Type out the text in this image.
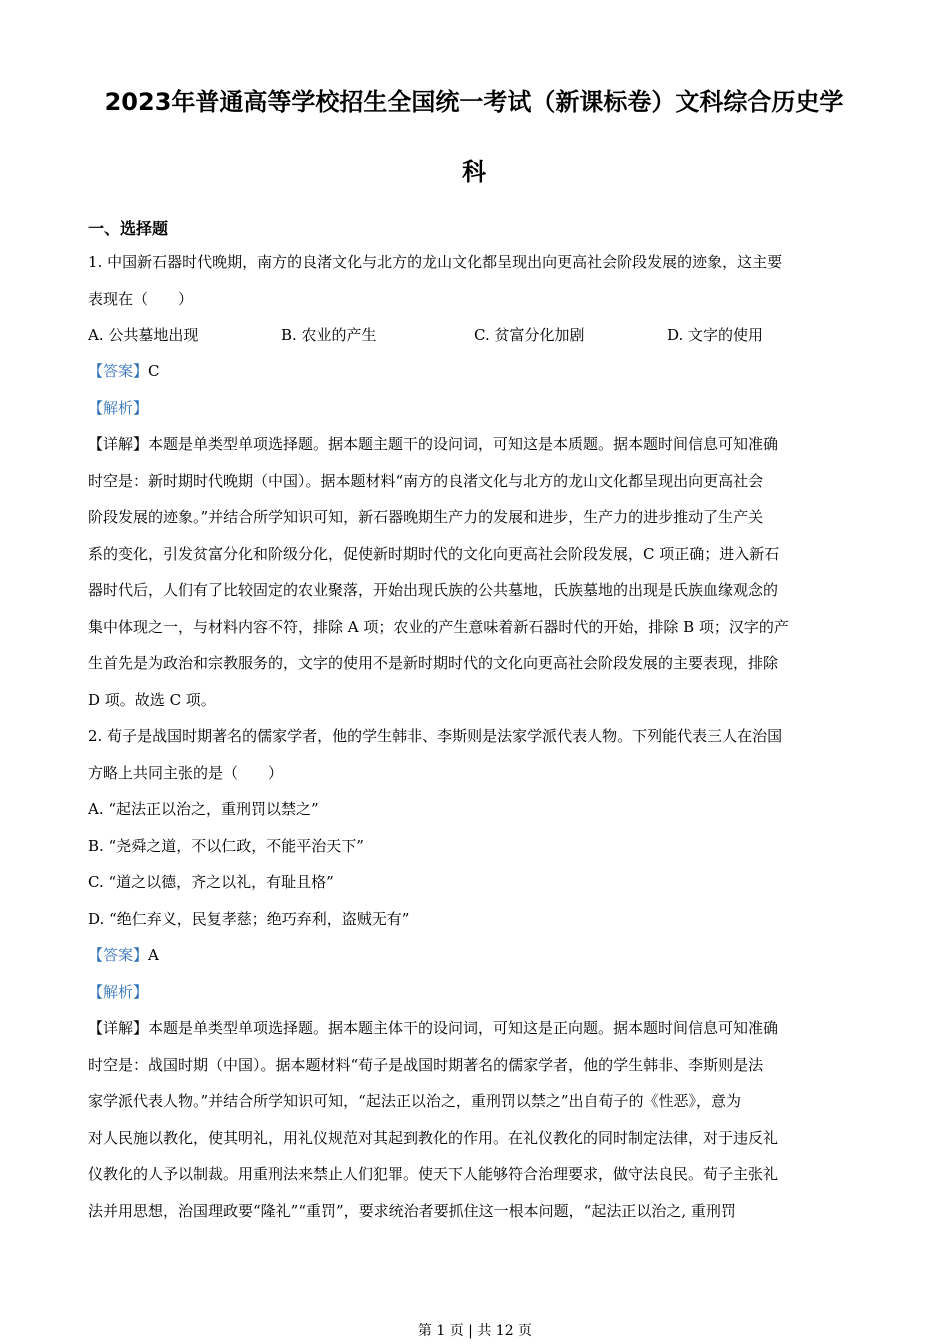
2023年普通高等学校招生全国统一考试（新课标卷）文科综合历史学
科
一、选择题

1. 中国新石器时代晚期，南方的良渚文化与北方的龙山文化都呈现出向更高社会阶段发展的迹象，这主要

表现在（　　）

A. 公共墓地出现	B. 农业的产生	C. 贫富分化加剧	D. 文字的使用

【答案】C

【解析】

【详解】本题是单类型单项选择题。据本题主题干的设问词，可知这是本质题。据本题时间信息可知准确

时空是：新时期时代晚期（中国）。据本题材料“南方的良渚文化与北方的龙山文化都呈现出向更高社会

阶段发展的迹象。”并结合所学知识可知，新石器晚期生产力的发展和进步，生产力的进步推动了生产关

系的变化，引发贫富分化和阶级分化，促使新时期时代的文化向更高社会阶段发展，C 项正确；进入新石

器时代后，人们有了比较固定的农业聚落，开始出现氏族的公共墓地，氏族墓地的出现是氏族血缘观念的

集中体现之一，与材料内容不符，排除 A 项；农业的产生意味着新石器时代的开始，排除 B 项；汉字的产

生首先是为政治和宗教服务的，文字的使用不是新时期时代的文化向更高社会阶段发展的主要表现，排除

D 项。故选 C 项。

2. 荀子是战国时期著名的儒家学者，他的学生韩非、李斯则是法家学派代表人物。下列能代表三人在治国

方略上共同主张的是（　　）

A. “起法正以治之，重刑罚以禁之”

B. “尧舜之道，不以仁政，不能平治天下”

C. “道之以德，齐之以礼，有耻且格”

D. “绝仁弃义，民复孝慈；绝巧弃利，盗贼无有”

【答案】A

【解析】

【详解】本题是单类型单项选择题。据本题主体干的设问词，可知这是正向题。据本题时间信息可知准确

时空是：战国时期（中国）。据本题材料“荀子是战国时期著名的儒家学者，他的学生韩非、李斯则是法

家学派代表人物。”并结合所学知识可知，“起法正以治之，重刑罚以禁之”出自荀子的《性恶》，意为

对人民施以教化，使其明礼，用礼仪规范对其起到教化的作用。在礼仪教化的同时制定法律，对于违反礼

仪教化的人予以制裁。用重刑法来禁止人们犯罪。使天下人能够符合治理要求，做守法良民。荀子主张礼

法并用思想，治国理政要“隆礼”“重罚”，要求统治者要抓住这一根本问题，“起法正以治之, 重刑罚

第 1 页 | 共 12 页
